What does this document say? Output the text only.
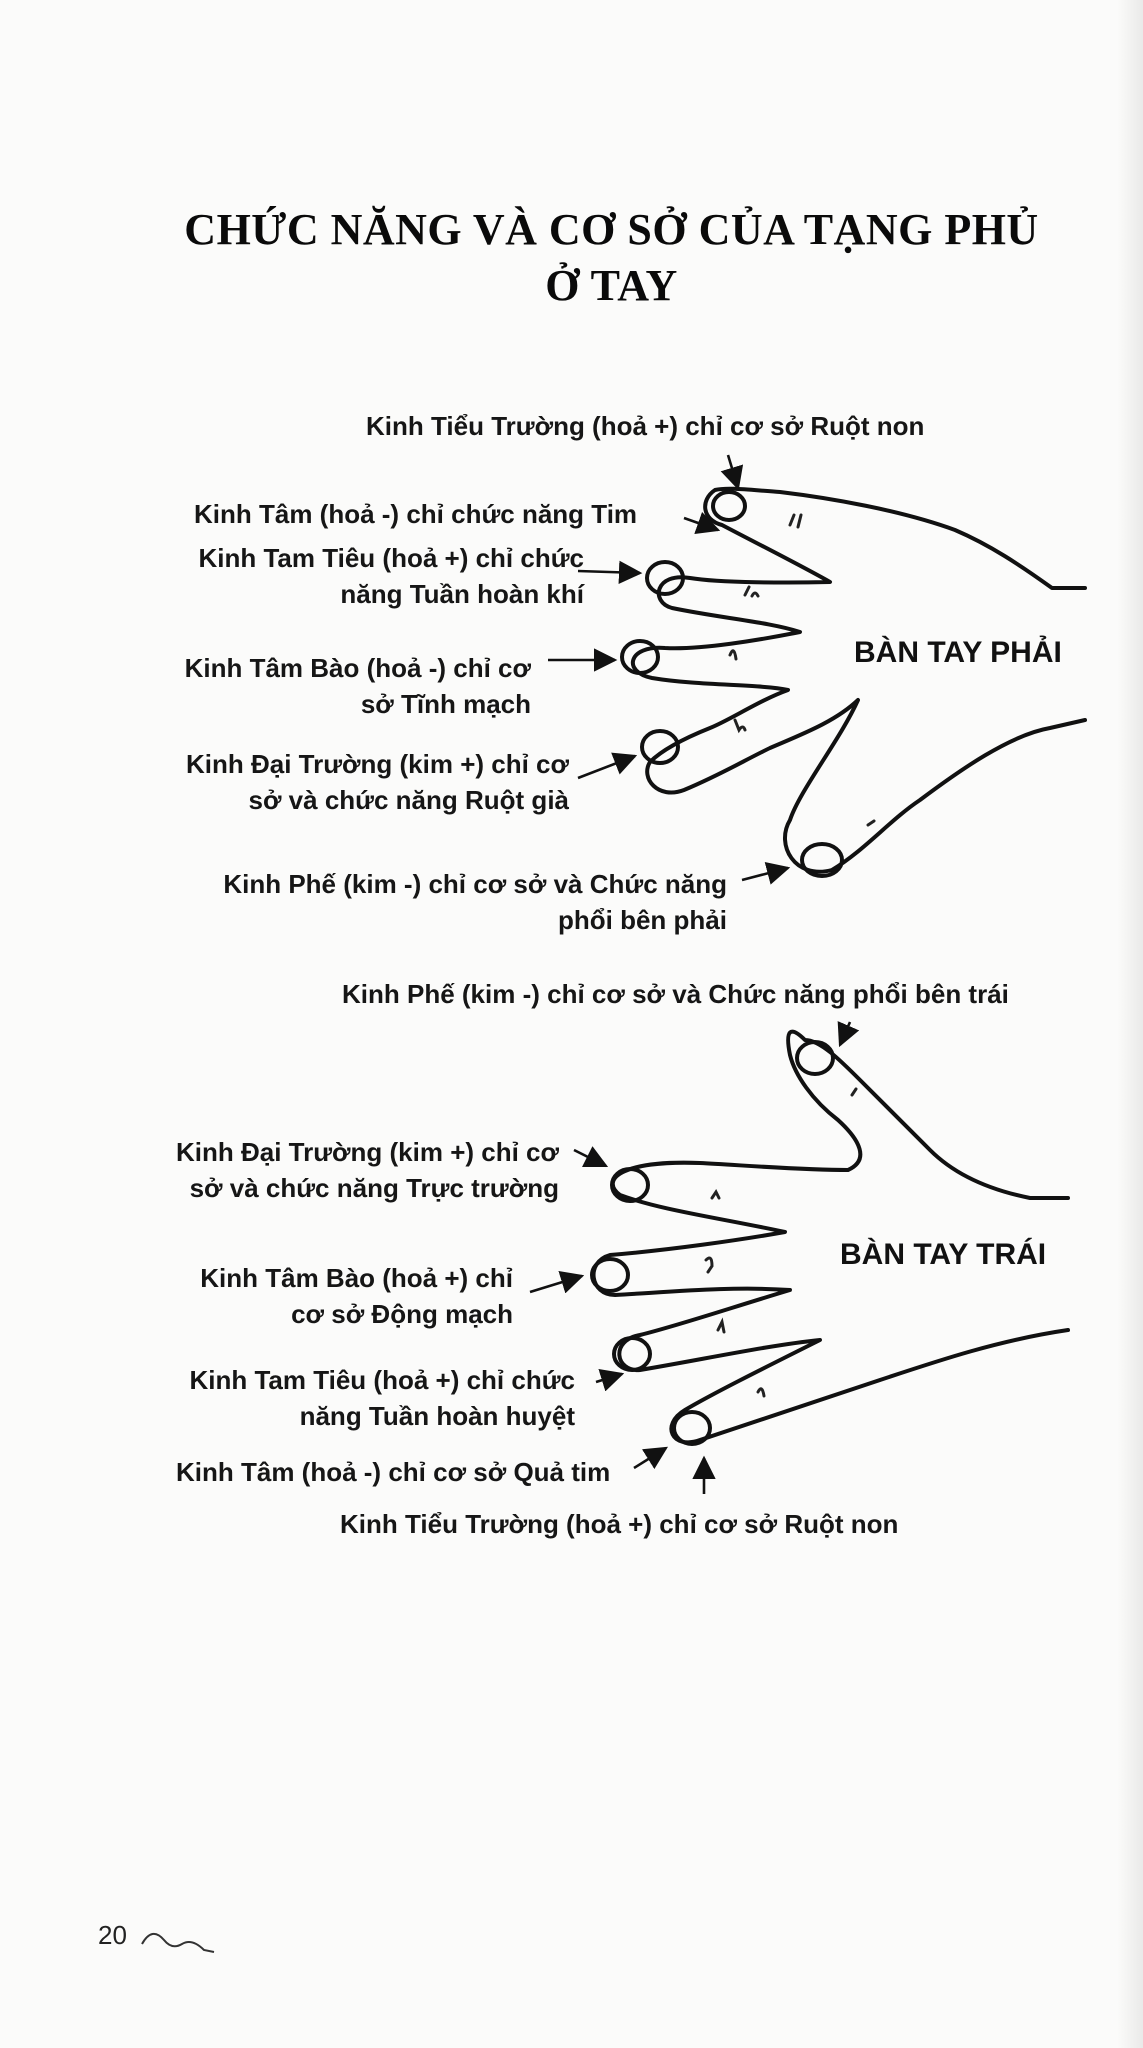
CHỨC NĂNG VÀ CƠ SỞ CỦA TẠNG PHỦ
Ở TAY
Kinh Tiểu Trường (hoả +) chỉ cơ sở Ruột non
Kinh Tâm (hoả -) chỉ chức năng Tim
Kinh Tam Tiêu (hoả +) chỉ chức
năng Tuần hoàn khí
Kinh Tâm Bào (hoả -) chỉ cơ
sở Tĩnh mạch
Kinh Đại Trường (kim +) chỉ cơ
sở và chức năng Ruột già
Kinh Phế (kim -) chỉ cơ sở và Chức năng
phổi bên phải
BÀN TAY PHẢI
Kinh Phế (kim -) chỉ cơ sở và Chức năng phổi bên trái
Kinh Đại Trường (kim +) chỉ cơ
sở và chức năng Trực trường
Kinh Tâm Bào (hoả +) chỉ
cơ sở Động mạch
Kinh Tam Tiêu (hoả +) chỉ chức
năng Tuần hoàn huyệt
Kinh Tâm (hoả -) chỉ cơ sở Quả tim
Kinh Tiểu Trường (hoả +) chỉ cơ sở Ruột non
BÀN TAY TRÁI
20
